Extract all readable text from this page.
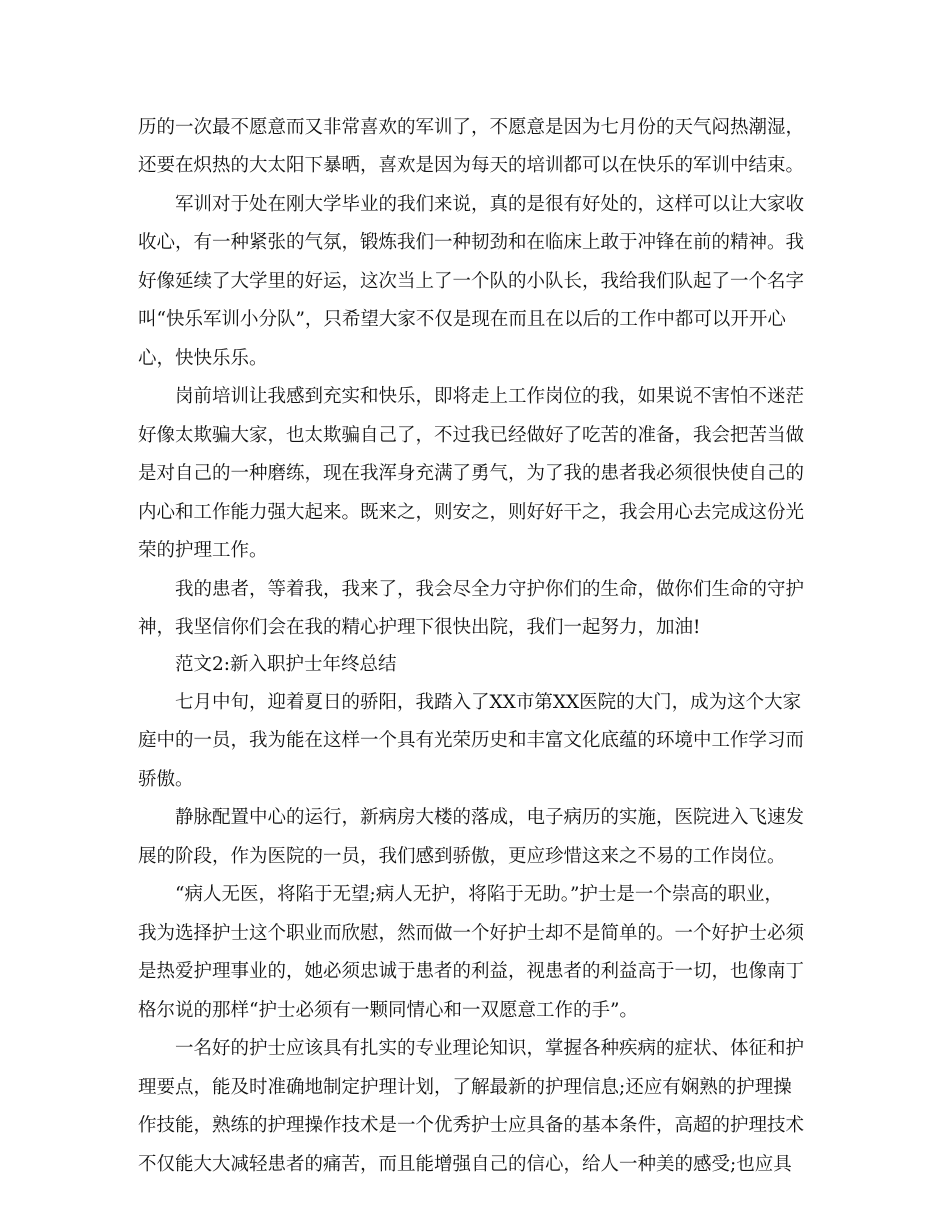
历的一次最不愿意而又非常喜欢的军训了，不愿意是因为七月份的天气闷热潮湿，
还要在炽热的大太阳下暴晒，喜欢是因为每天的培训都可以在快乐的军训中结束。
军训对于处在刚大学毕业的我们来说，真的是很有好处的，这样可以让大家收
收心，有一种紧张的气氛，锻炼我们一种韧劲和在临床上敢于冲锋在前的精神。我
好像延续了大学里的好运，这次当上了一个队的小队长，我给我们队起了一个名字
叫“快乐军训小分队”，只希望大家不仅是现在而且在以后的工作中都可以开开心
心，快快乐乐。
岗前培训让我感到充实和快乐，即将走上工作岗位的我，如果说不害怕不迷茫
好像太欺骗大家，也太欺骗自己了，不过我已经做好了吃苦的准备，我会把苦当做
是对自己的一种磨练，现在我浑身充满了勇气，为了我的患者我必须很快使自己的
内心和工作能力强大起来。既来之，则安之，则好好干之，我会用心去完成这份光
荣的护理工作。
我的患者，等着我，我来了，我会尽全力守护你们的生命，做你们生命的守护
神，我坚信你们会在我的精心护理下很快出院，我们一起努力，加油!
范文2:新入职护士年终总结
七月中旬，迎着夏日的骄阳，我踏入了XX市第XX医院的大门，成为这个大家
庭中的一员，我为能在这样一个具有光荣历史和丰富文化底蕴的环境中工作学习而
骄傲。
静脉配置中心的运行，新病房大楼的落成，电子病历的实施，医院进入飞速发
展的阶段，作为医院的一员，我们感到骄傲，更应珍惜这来之不易的工作岗位。
“病人无医，将陷于无望;病人无护，将陷于无助。”护士是一个崇高的职业，
我为选择护士这个职业而欣慰，然而做一个好护士却不是简单的。一个好护士必须
是热爱护理事业的，她必须忠诚于患者的利益，视患者的利益高于一切，也像南丁
格尔说的那样“护士必须有一颗同情心和一双愿意工作的手”。
一名好的护士应该具有扎实的专业理论知识，掌握各种疾病的症状、体征和护
理要点，能及时准确地制定护理计划，了解最新的护理信息;还应有娴熟的护理操
作技能，熟练的护理操作技术是一个优秀护士应具备的基本条件，高超的护理技术
不仅能大大减轻患者的痛苦，而且能增强自己的信心，给人一种美的感受;也应具
